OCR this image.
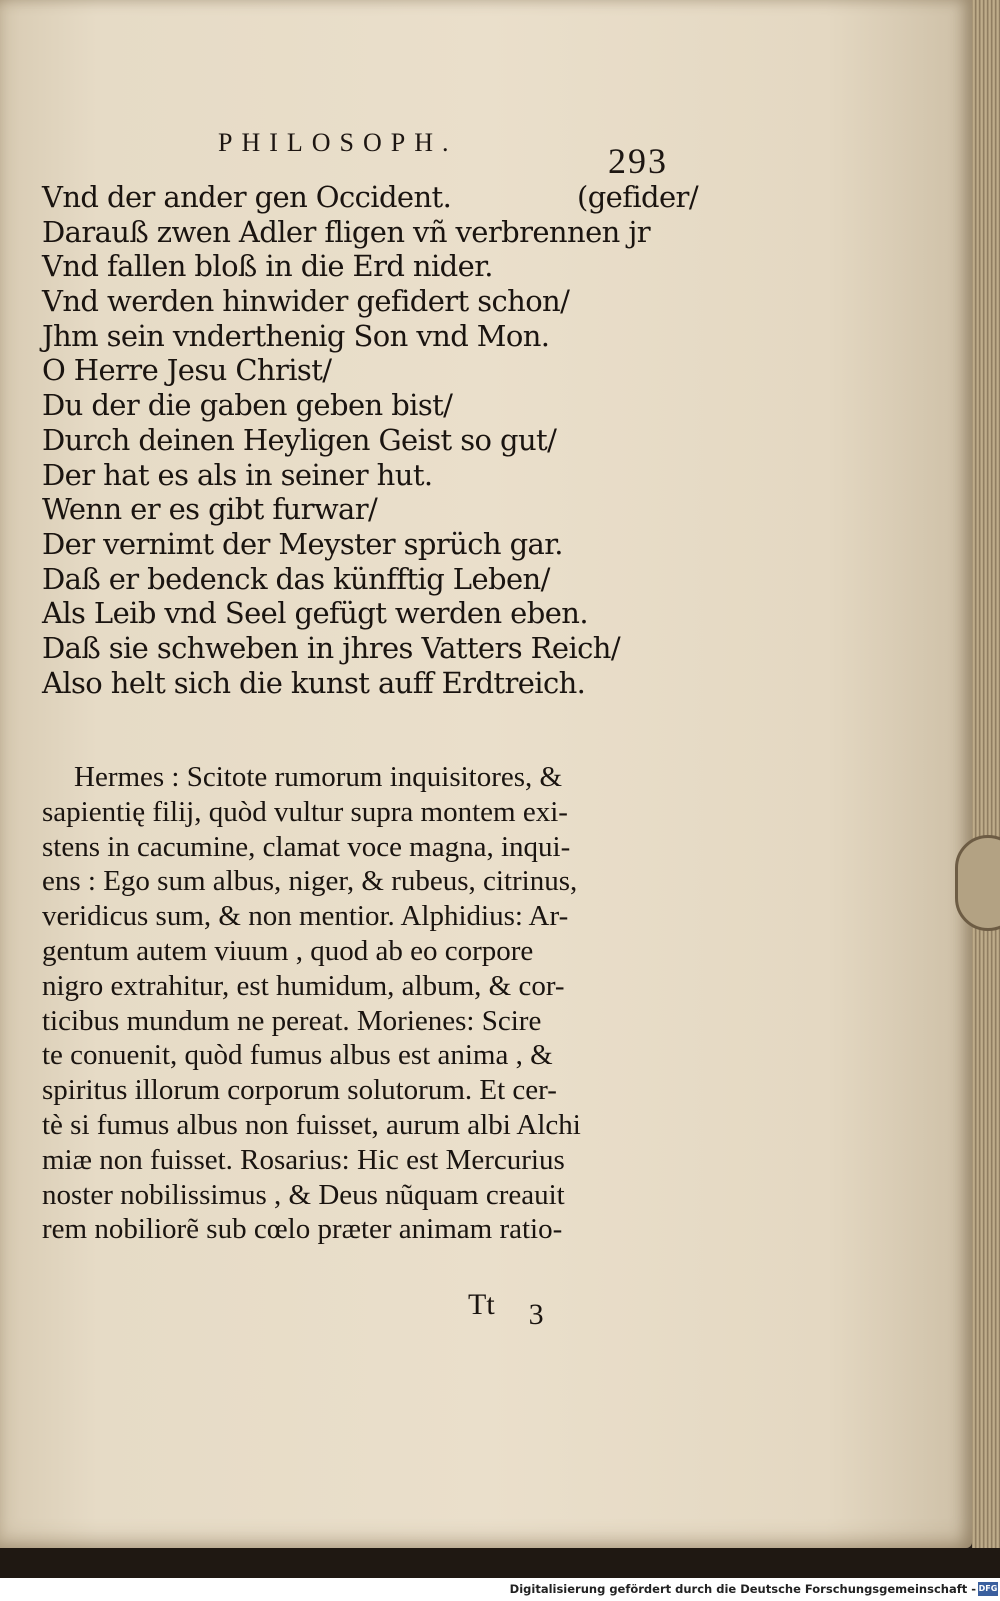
PHILOSOPH.	293
Vnd der ander gen Occident.	(gefider/
Darauß zwen Adler fligen vñ verbrennen jr
Vnd fallen bloß in die Erd nider.
Vnd werden hinwider gefidert schon/
Jhm sein vnderthenig Son vnd Mon.
O Herre Jesu Christ/
Du der die gaben geben bist/
Durch deinen Heyligen Geist so gut/
Der hat es als in seiner hut.
Wenn er es gibt furwar/
Der vernimt der Meyster sprüch gar.
Daß er bedenck das künfftig Leben/
Als Leib vnd Seel gefügt werden eben.
Daß sie schweben in jhres Vatters Reich/
Also helt sich die kunst auff Erdtreich.
Hermes : Scitote rumorum inquisitores, &
sapientię filij, quòd vultur supra montem exi-
stens in cacumine, clamat voce magna, inqui-
ens : Ego sum albus, niger, & rubeus, citrinus,
veridicus sum, & non mentior. Alphidius: Ar-
gentum autem viuum , quod ab eo corpore
nigro extrahitur, est humidum, album, & cor-
ticibus mundum ne pereat. Morienes: Scire
te conuenit, quòd fumus albus est anima , &
spiritus illorum corporum solutorum. Et cer-
tè si fumus albus non fuisset, aurum albi Alchi
miæ non fuisset. Rosarius: Hic est Mercurius
noster nobilissimus , & Deus nũquam creauit
rem nobiliorẽ sub cœlo præter animam ratio-
Tt 3
Digitalisierung gefördert durch die Deutsche Forschungsgemeinschaft - DFG
